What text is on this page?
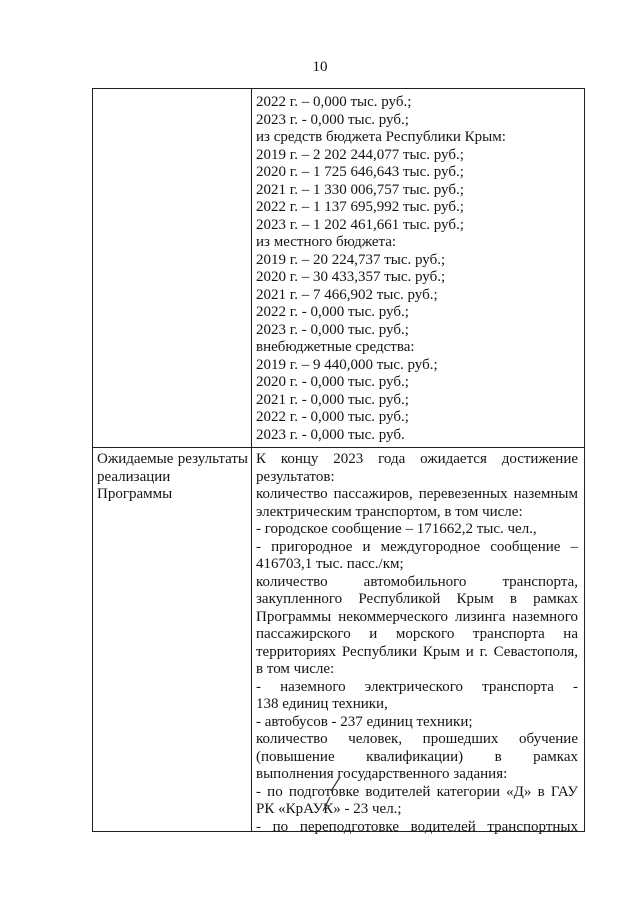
10
2022 г. – 0,000 тыс. руб.;
2023 г. - 0,000 тыс. руб.;
из средств бюджета Республики Крым:
2019 г. – 2 202 244,077 тыс. руб.;
2020 г. – 1 725 646,643 тыс. руб.;
2021 г. – 1 330 006,757 тыс. руб.;
2022 г. – 1 137 695,992 тыс. руб.;
2023 г. – 1 202 461,661 тыс. руб.;
из местного бюджета:
2019 г. – 20 224,737 тыс. руб.;
2020 г. – 30 433,357 тыс. руб.;
2021 г. – 7 466,902 тыс. руб.;
2022 г. - 0,000 тыс. руб.;
2023 г. - 0,000 тыс. руб.;
внебюджетные средства:
2019 г. – 9 440,000 тыс. руб.;
2020 г. - 0,000 тыс. руб.;
2021 г. - 0,000 тыс. руб.;
2022 г. - 0,000 тыс. руб.;
2023 г. - 0,000 тыс. руб.
Ожидаемые результаты реализации Программы
К концу 2023 года ожидается достижение
результатов:
количество пассажиров, перевезенных наземным
электрическим транспортом, в том числе:
- городское сообщение – 171662,2 тыс. чел.,
- пригородное и междугородное сообщение –
416703,1 тыс. пасс./км;
количество автомобильного транспорта,
закупленного Республикой Крым в рамках
Программы некоммерческого лизинга наземного
пассажирского и морского транспорта на
территориях Республики Крым и г. Севастополя,
в том числе:
- наземного электрического транспорта -
138 единиц техники,
- автобусов - 237 единиц техники;
количество человек, прошедших обучение
(повышение квалификации) в рамках
выполнения государственного задания:
- по подготовке водителей категории «Д» в ГАУ
РК «КрАУК» - 23 чел.;
- по переподготовке водителей транспортных
